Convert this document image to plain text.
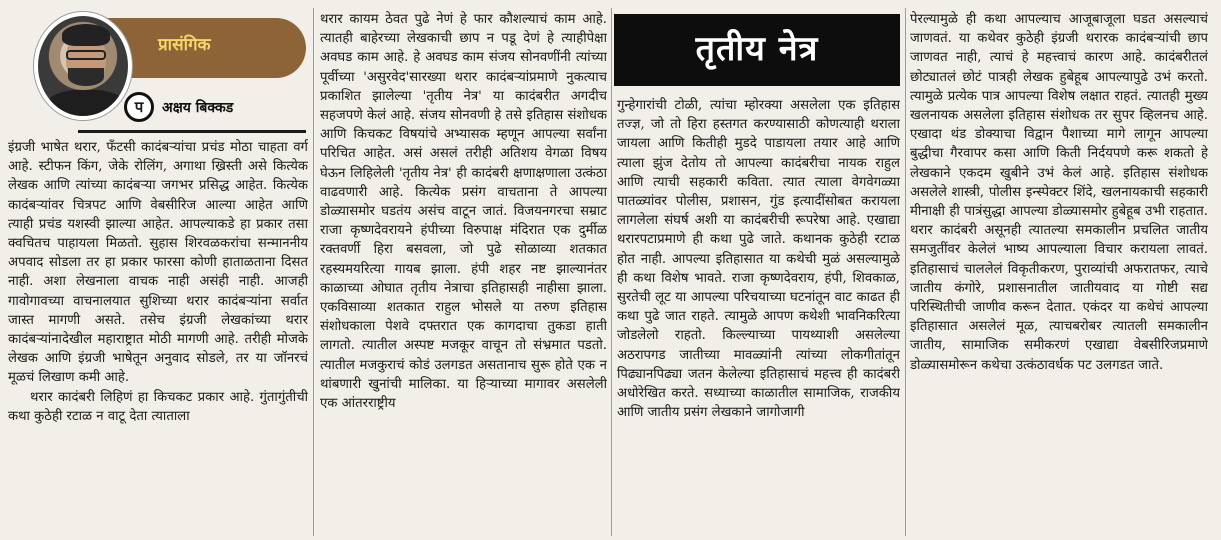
प्रासंगिक
प	अक्षय बिक्कड
तृतीय नेत्र

इंग्रजी भाषेत थरार, फँटसी कादंबऱ्यांचा प्रचंड मोठा चाहता वर्ग आहे. स्टीफन किंग, जेके रोलिंग, अगाथा ख्रिस्ती असे कित्येक लेखक आणि त्यांच्या कादंबऱ्या जगभर प्रसिद्ध आहेत. कित्येक कादंबऱ्यांवर चित्रपट आणि वेबसीरिज आल्या आहेत आणि त्याही प्रचंड यशस्वी झाल्या आहेत. आपल्याकडे हा प्रकार तसा क्वचितच पाहायला मिळतो. सुहास शिरवळकरांचा सन्माननीय अपवाद सोडला तर हा प्रकार फारसा कोणी हाताळताना दिसत नाही. अशा लेखनाला वाचक नाही असंही नाही. आजही गावोगावच्या वाचनालयात सुशिच्या थरार कादंबऱ्यांना सर्वात जास्त मागणी असते. तसेच इंग्रजी लेखकांच्या थरार कादंबऱ्यांनादेखील महाराष्ट्रात मोठी मागणी आहे. तरीही मोजके लेखक आणि इंग्रजी भाषेतून अनुवाद सोडले, तर या जॉनरचं मूळचं लिखाण कमी आहे.

थरार कादंबरी लिहिणं हा किचकट प्रकार आहे. गुंतागुंतीची कथा कुठेही रटाळ न वाटू देता त्याताला

थरार कायम ठेवत पुढे नेणं हे फार कौशल्याचं काम आहे. त्यातही बाहेरच्या लेखकाची छाप न पडू देणं हे त्याहीपेक्षा अवघड काम आहे. हे अवघड काम संजय सोनवणींनी त्यांच्या पूर्वीच्या 'असुरवेद'सारख्या थरार कादंबऱ्यांप्रमाणे नुकत्याच प्रकाशित झालेल्या 'तृतीय नेत्र' या कादंबरीत अगदीच सहजपणे केलं आहे. संजय सोनवणी हे तसे इतिहास संशोधक आणि किचकट विषयांचे अभ्यासक म्हणून आपल्या सर्वांना परिचित आहेत. असं असलं तरीही अतिशय वेगळा विषय घेऊन लिहिलेली 'तृतीय नेत्र' ही कादंबरी क्षणाक्षणाला उत्कंठा वाढवणारी आहे. कित्येक प्रसंग वाचताना ते आपल्या डोळ्यासमोर घडतंय असंच वाटून जातं. विजयनगरचा सम्राट राजा कृष्णदेवरायने हंपीच्या विरुपाक्ष मंदिरात एक दुर्मीळ रक्तवर्णी हिरा बसवला, जो पुढे सोळाव्या शतकात रहस्यमयरित्या गायब झाला. हंपी शहर नष्ट झाल्यानंतर काळाच्या ओघात तृतीय नेत्राचा इतिहासही नाहीसा झाला. एकविसाव्या शतकात राहुल भोसले या तरुण इतिहास संशोधकाला पेशवे दफ्तरात एक कागदाचा तुकडा हाती लागतो. त्यातील अस्पष्ट मजकूर वाचून तो संभ्रमात पडतो. त्यातील मजकुराचं कोडं उलगडत असतानाच सुरू होते एक न थांबणारी खुनांची मालिका. या हिऱ्याच्या मागावर असलेली एक आंतरराष्ट्रीय

गुन्हेगारांची टोळी, त्यांचा म्होरक्या असलेला एक इतिहास तज्ज्ञ, जो तो हिरा हस्तगत करण्यासाठी कोणत्याही थराला जायला आणि कितीही मुडदे पाडायला तयार आहे आणि त्याला झुंज देतोय तो आपल्या कादंबरीचा नायक राहुल आणि त्याची सहकारी कविता. त्यात त्याला वेगवेगळ्या पातळ्यांवर पोलीस, प्रशासन, गुंड इत्यादींसोबत करायला लागलेला संघर्ष अशी या कादंबरीची रूपरेषा आहे. एखाद्या थरारपटाप्रमाणे ही कथा पुढे जाते. कथानक कुठेही रटाळ होत नाही. आपल्या इतिहासात या कथेची मुळं असल्यामुळे ही कथा विशेष भावते. राजा कृष्णदेवराय, हंपी, शिवकाळ, सुरतेची लूट या आपल्या परिचयाच्या घटनांतून वाट काढत ही कथा पुढे जात राहते. त्यामुळे आपण कथेशी भावनिकरित्या जोडलेलो राहतो. किल्ल्याच्या पायथ्याशी असलेल्या अठरापगड जातीच्या मावळ्यांनी त्यांच्या लोकगीतांतून पिढ्यानपिढ्या जतन केलेल्या इतिहासाचं महत्त्व ही कादंबरी अधोरेखित करते. सध्याच्या काळातील सामाजिक, राजकीय आणि जातीय प्रसंग लेखकाने जागोजागी

पेरल्यामुळे ही कथा आपल्याच आजूबाजूला घडत असल्याचं जाणवतं. या कथेवर कुठेही इंग्रजी थरारक कादंबऱ्यांची छाप जाणवत नाही, त्याचं हे महत्त्वाचं कारण आहे. कादंबरीतलं छोट्यातलं छोटं पात्रही लेखक हुबेहूब आपल्यापुढे उभं करतो. त्यामुळे प्रत्येक पात्र आपल्या विशेष लक्षात राहतं. त्यातही मुख्य खलनायक असलेला इतिहास संशोधक तर सुपर व्हिलनच आहे. एखादा थंड डोक्याचा विद्वान पैशाच्या मागे लागून आपल्या बुद्धीचा गैरवापर कसा आणि किती निर्दयपणे करू शकतो हे लेखकाने एकदम खुबीने उभं केलं आहे. इतिहास संशोधक असलेले शास्त्री, पोलीस इन्स्पेक्टर शिंदे, खलनायकाची सहकारी मीनाक्षी ही पात्रंसुद्धा आपल्या डोळ्यासमोर हुबेहूब उभी राहतात. थरार कादंबरी असूनही त्यातल्या समकालीन प्रचलित जातीय समजुतींवर केलेलं भाष्य आपल्याला विचार करायला लावतं. इतिहासाचं चाललेलं विकृतीकरण, पुराव्यांची अफरातफर, त्याचे जातीय कंगोरे, प्रशासनातील जातीयवाद या गोष्टी सद्य परिस्थितीची जाणीव करून देतात. एकंदर या कथेचं आपल्या इतिहासात असलेलं मूळ, त्याचबरोबर त्यातली समकालीन जातीय, सामाजिक समीकरणं एखाद्या वेबसीरिजप्रमाणे डोळ्यासमोरून कथेचा उत्कंठावर्धक पट उलगडत जाते.
